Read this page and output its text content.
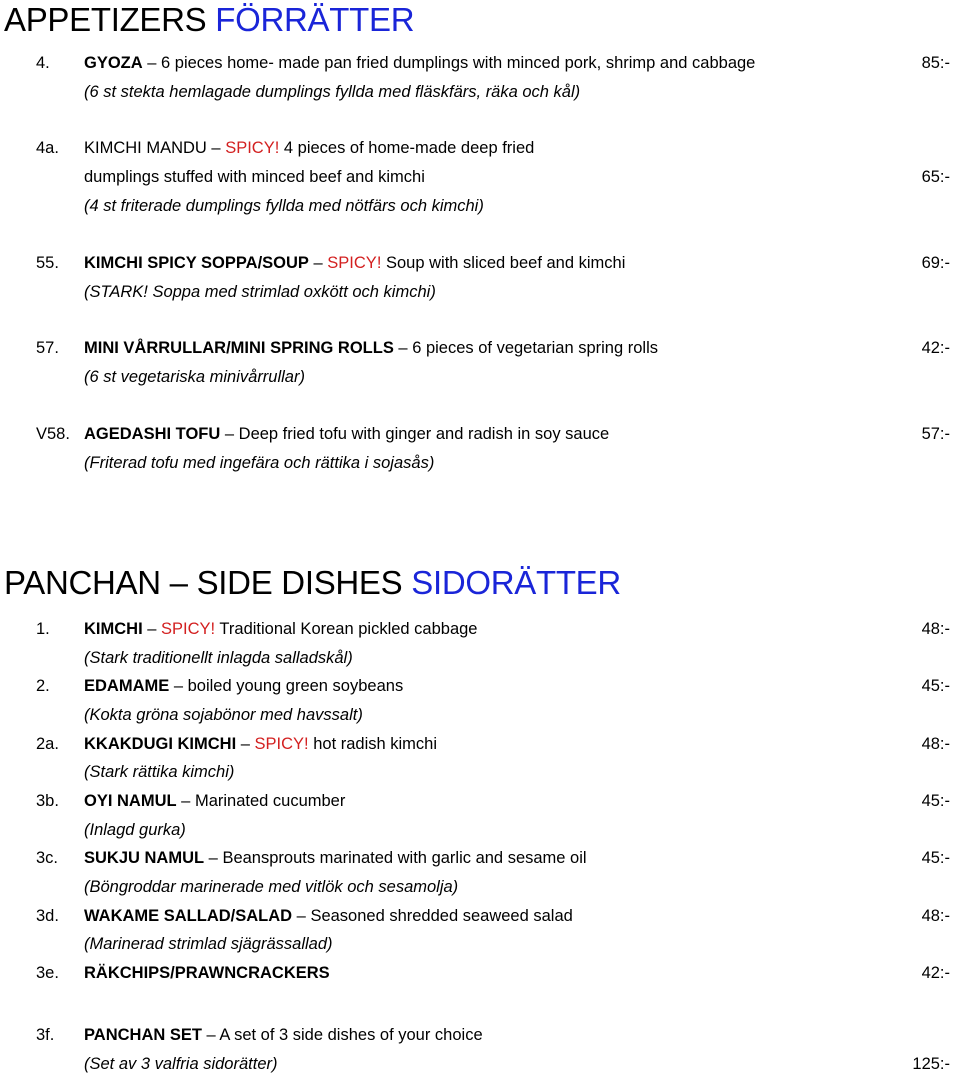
APPETIZERS FÖRRÄTTER
4. GYOZA – 6 pieces home- made pan fried dumplings with minced pork, shrimp and cabbage	85:-
(6 st stekta hemlagade dumplings fyllda med fläskfärs, räka och kål)
4a. KIMCHI MANDU – SPICY! 4 pieces of home-made deep fried
dumplings stuffed with minced beef and kimchi	65:-
(4 st friterade dumplings fyllda med nötfärs och kimchi)
55. KIMCHI SPICY SOPPA/SOUP – SPICY! Soup with sliced beef and kimchi	69:-
(STARK! Soppa med strimlad oxkött och kimchi)
57. MINI VÅRRULLAR/MINI SPRING ROLLS – 6 pieces of vegetarian spring rolls	42:-
(6 st vegetariska minivårrullar)
V58. AGEDASHI TOFU – Deep fried tofu with ginger and radish in soy sauce	57:-
(Friterad tofu med ingefära och rättika i sojasås)
PANCHAN – SIDE DISHES SIDORÄTTER
1. KIMCHI – SPICY! Traditional Korean pickled cabbage	48:-
(Stark traditionellt inlagda salladskål)
2. EDAMAME – boiled young green soybeans	45:-
(Kokta gröna sojabönor med havssalt)
2a. KKAKDUGI KIMCHI – SPICY! hot radish kimchi	48:-
(Stark rättika kimchi)
3b. OYI NAMUL – Marinated cucumber	45:-
(Inlagd gurka)
3c. SUKJU NAMUL – Beansprouts marinated with garlic and sesame oil	45:-
(Böngroddar marinerade med vitlök och sesamolja)
3d. WAKAME SALLAD/SALAD – Seasoned shredded seaweed salad	48:-
(Marinerad strimlad sjägrässallad)
3e. RÄKCHIPS/PRAWNCRACKERS	42:-
3f. PANCHAN SET – A set of 3 side dishes of your choice
(Set av 3 valfria sidorätter)	125:-
